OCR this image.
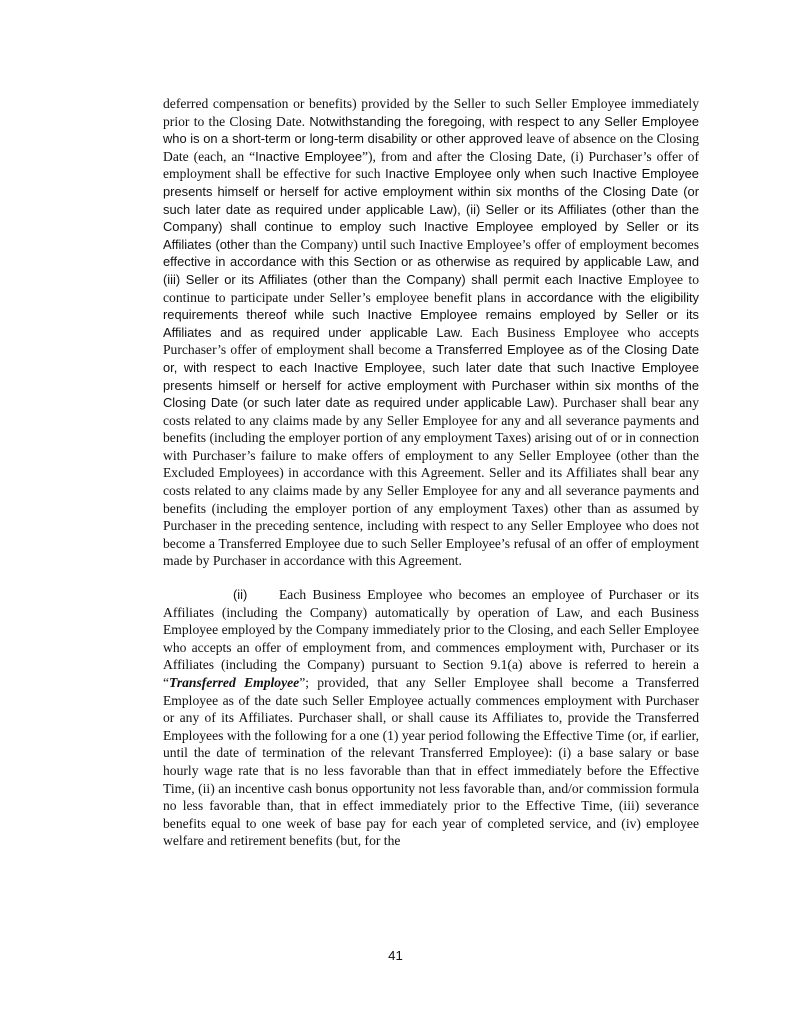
deferred compensation or benefits) provided by the Seller to such Seller Employee immediately prior to the Closing Date. Notwithstanding the foregoing, with respect to any Seller Employee who is on a short-term or long-term disability or other approved leave of absence on the Closing Date (each, an “Inactive Employee”), from and after the Closing Date, (i) Purchaser’s offer of employment shall be effective for such Inactive Employee only when such Inactive Employee presents himself or herself for active employment within six months of the Closing Date (or such later date as required under applicable Law), (ii) Seller or its Affiliates (other than the Company) shall continue to employ such Inactive Employee employed by Seller or its Affiliates (other than the Company) until such Inactive Employee’s offer of employment becomes effective in accordance with this Section or as otherwise as required by applicable Law, and (iii) Seller or its Affiliates (other than the Company) shall permit each Inactive Employee to continue to participate under Seller’s employee benefit plans in accordance with the eligibility requirements thereof while such Inactive Employee remains employed by Seller or its Affiliates and as required under applicable Law. Each Business Employee who accepts Purchaser’s offer of employment shall become a Transferred Employee as of the Closing Date or, with respect to each Inactive Employee, such later date that such Inactive Employee presents himself or herself for active employment with Purchaser within six months of the Closing Date (or such later date as required under applicable Law). Purchaser shall bear any costs related to any claims made by any Seller Employee for any and all severance payments and benefits (including the employer portion of any employment Taxes) arising out of or in connection with Purchaser’s failure to make offers of employment to any Seller Employee (other than the Excluded Employees) in accordance with this Agreement. Seller and its Affiliates shall bear any costs related to any claims made by any Seller Employee for any and all severance payments and benefits (including the employer portion of any employment Taxes) other than as assumed by Purchaser in the preceding sentence, including with respect to any Seller Employee who does not become a Transferred Employee due to such Seller Employee’s refusal of an offer of employment made by Purchaser in accordance with this Agreement.

(ii) Each Business Employee who becomes an employee of Purchaser or its Affiliates (including the Company) automatically by operation of Law, and each Business Employee employed by the Company immediately prior to the Closing, and each Seller Employee who accepts an offer of employment from, and commences employment with, Purchaser or its Affiliates (including the Company) pursuant to Section 9.1(a) above is referred to herein a “Transferred Employee”; provided, that any Seller Employee shall become a Transferred Employee as of the date such Seller Employee actually commences employment with Purchaser or any of its Affiliates. Purchaser shall, or shall cause its Affiliates to, provide the Transferred Employees with the following for a one (1) year period following the Effective Time (or, if earlier, until the date of termination of the relevant Transferred Employee): (i) a base salary or base hourly wage rate that is no less favorable than that in effect immediately before the Effective Time, (ii) an incentive cash bonus opportunity not less favorable than, and/or commission formula no less favorable than, that in effect immediately prior to the Effective Time, (iii) severance benefits equal to one week of base pay for each year of completed service, and (iv) employee welfare and retirement benefits (but, for the

41
